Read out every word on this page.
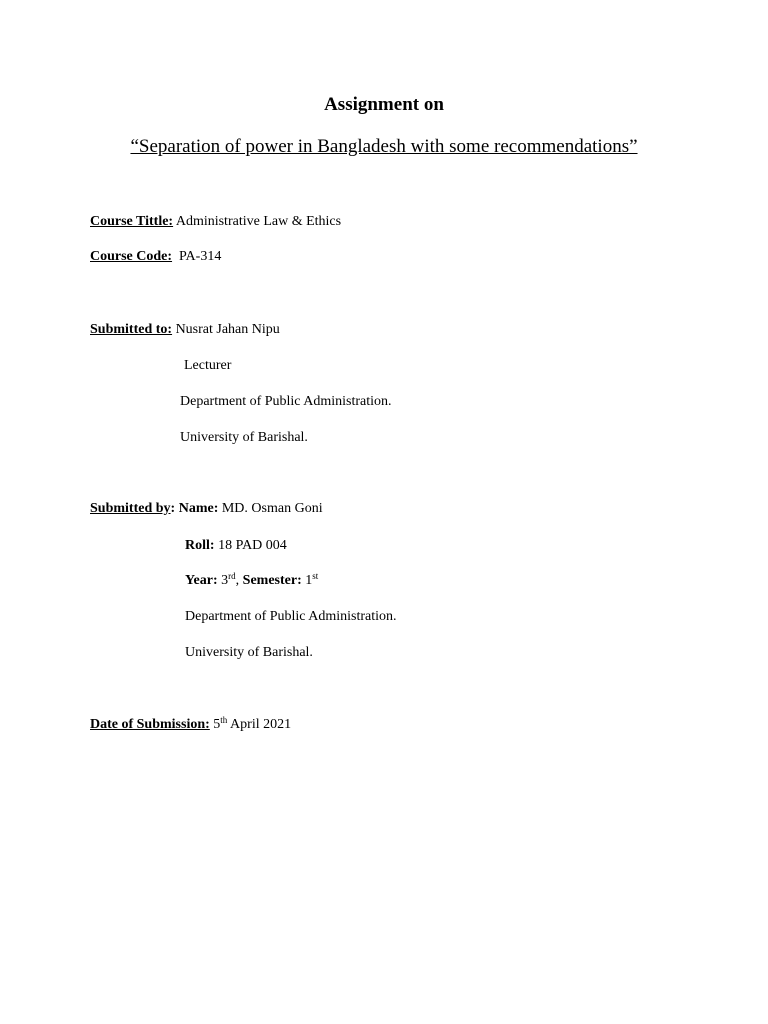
Assignment on
“Separation of power in Bangladesh with some recommendations”
Course Tittle: Administrative Law & Ethics
Course Code: PA-314
Submitted to: Nusrat Jahan Nipu
Lecturer
Department of Public Administration.
University of Barishal.
Submitted by: Name: MD. Osman Goni
Roll: 18 PAD 004
Year: 3rd, Semester: 1st
Department of Public Administration.
University of Barishal.
Date of Submission: 5th April 2021
